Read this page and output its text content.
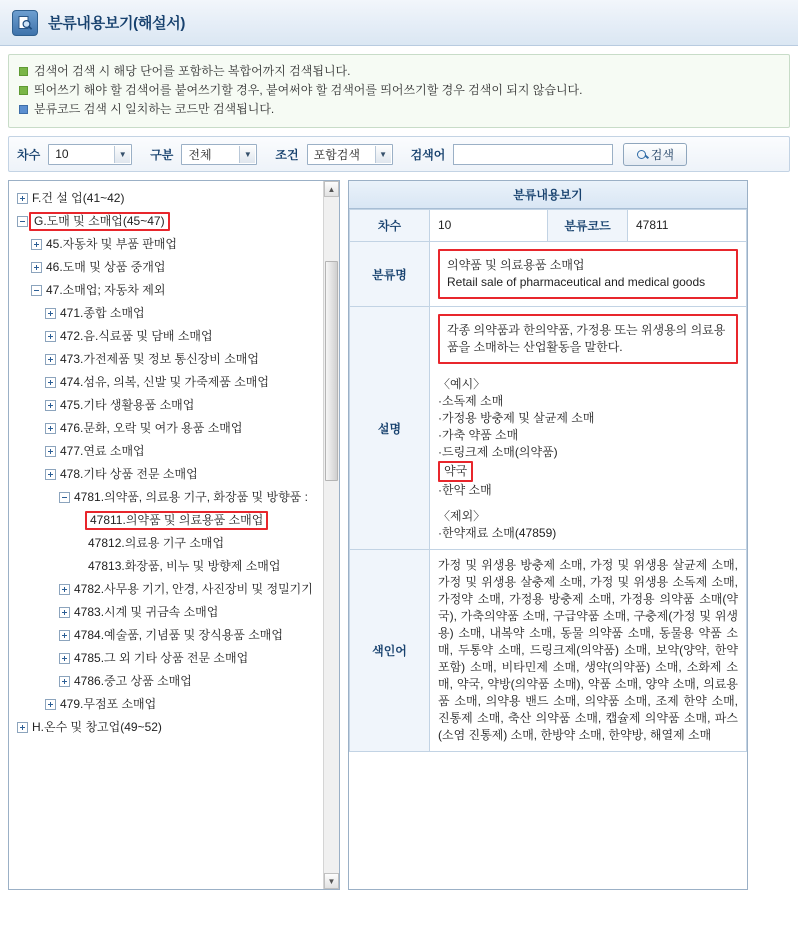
분류내용보기(해설서)
검색어 검색 시 해당 단어를 포함하는 복합어까지 검색됩니다.
띄어쓰기 해야 할 검색어를 붙여쓰기할 경우, 붙여써야 할 검색어를 띄어쓰기할 경우 검색이 되지 않습니다.
분류코드 검색 시 일치하는 코드만 검색됩니다.
차수 10	▼ 구분 전체	▼ 조건 포함검색	▼ 검색어	검색
F.건 설 업(41~42)
G.도매 및 소매업(45~47)
45.자동차 및 부품 판매업
46.도매 및 상품 중개업
47.소매업; 자동차 제외
471.종합 소매업
472.음.식료품 및 담배 소매업
473.가전제품 및 정보 통신장비 소매업
474.섬유, 의복, 신발 및 가죽제품 소매업
475.기타 생활용품 소매업
476.문화, 오락 및 여가 용품 소매업
477.연료 소매업
478.기타 상품 전문 소매업
4781.의약품, 의료용 기구, 화장품 및 방향품 :
47811.의약품 및 의료용품 소매업
47812.의료용 기구 소매업
47813.화장품, 비누 및 방향제 소매업
4782.사무용 기기, 안경, 사진장비 및 정밀기기
4783.시계 및 귀금속 소매업
4784.예술품, 기념품 및 장식용품 소매업
4785.그 외 기타 상품 전문 소매업
4786.중고 상품 소매업
479.무점포 소매업
H.온수 및 창고업(49~52)
▲
▼
분류내용보기
차수	10	분류코드	47811
분류명	의약품 및 의료용품 소매업
Retail sale of pharmaceutical and medical goods		

설명	
각종 의약품과 한의약품, 가정용 또는 위생용의 의료용품을 소매하는 산업활동을 말한다.
〈예시〉
·소독제 소매
·가정용 방충제 및 살균제 소매
·가축 약품 소매
·드링크제 소매(의약품)
약국
·한약 소매
〈제외〉
·한약재료 소매(47859)

색인어	가정 및 위생용 방충제 소매, 가정 및 위생용 살균제 소매, 가정 및 위생용 살충제 소매, 가정 및 위생용 소독제 소매, 가정약 소매, 가정용 방충제 소매, 가정용 의약품 소매(약국), 가축의약품 소매, 구급약품 소매, 구충제(가정 및 위생용) 소매, 내복약 소매, 동물 의약품 소매, 동물용 약품 소매, 두통약 소매, 드링크제(의약품) 소매, 보약(양약, 한약 포함) 소매, 비타민제 소매, 생약(의약품) 소매, 소화제 소매, 약국, 약방(의약품 소매), 약품 소매, 양약 소매, 의료용품 소매, 의약용 밴드 소매, 의약품 소매, 조제 한약 소매, 진통제 소매, 축산 의약품 소매, 캡슐제 의약품 소매, 파스(소염 진통제) 소매, 한방약 소매, 한약방, 해열제 소매		
